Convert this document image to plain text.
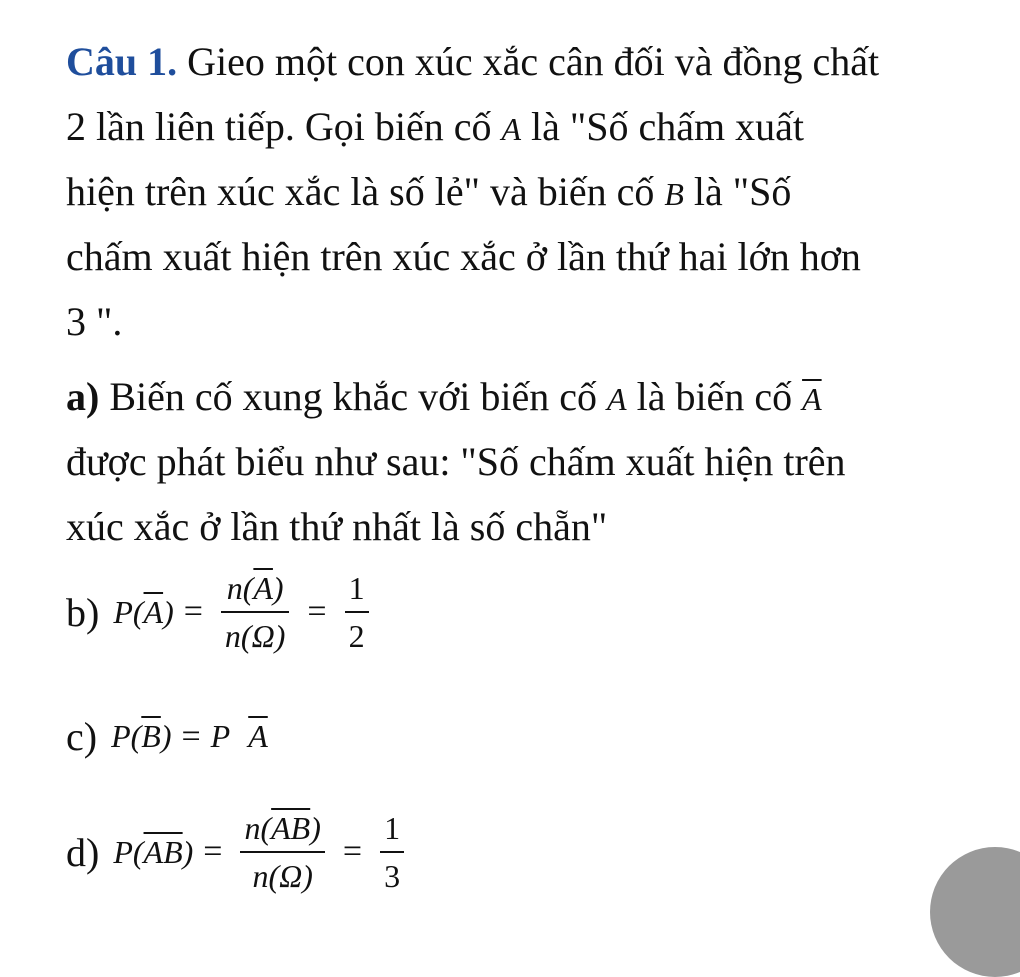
Câu 1. Gieo một con xúc xắc cân đối và đồng chất
2 lần liên tiếp. Gọi biến cố A là "Số chấm xuất
hiện trên xúc xắc là số lẻ" và biến cố B là "Số
chấm xuất hiện trên xúc xắc ở lần thứ hai lớn hơn
3 ".
a) Biến cố xung khắc với biến cố A là biến cố $\overline{A}$
được phát biểu như sau: "Số chấm xuất hiện trên
xúc xắc ở lần thứ nhất là số chẵn"
b) P( $\overline{A}$ ) = $\frac{n(\overline{A})}{n(\Omega)} = \frac{1}{2}$
c) P( $\overline{B}$ ) = P $\overline{A}$
d) P( $\overline{AB}$ ) = $\frac{n(\overline{AB})}{n(\Omega)} = \frac{1}{3}$
